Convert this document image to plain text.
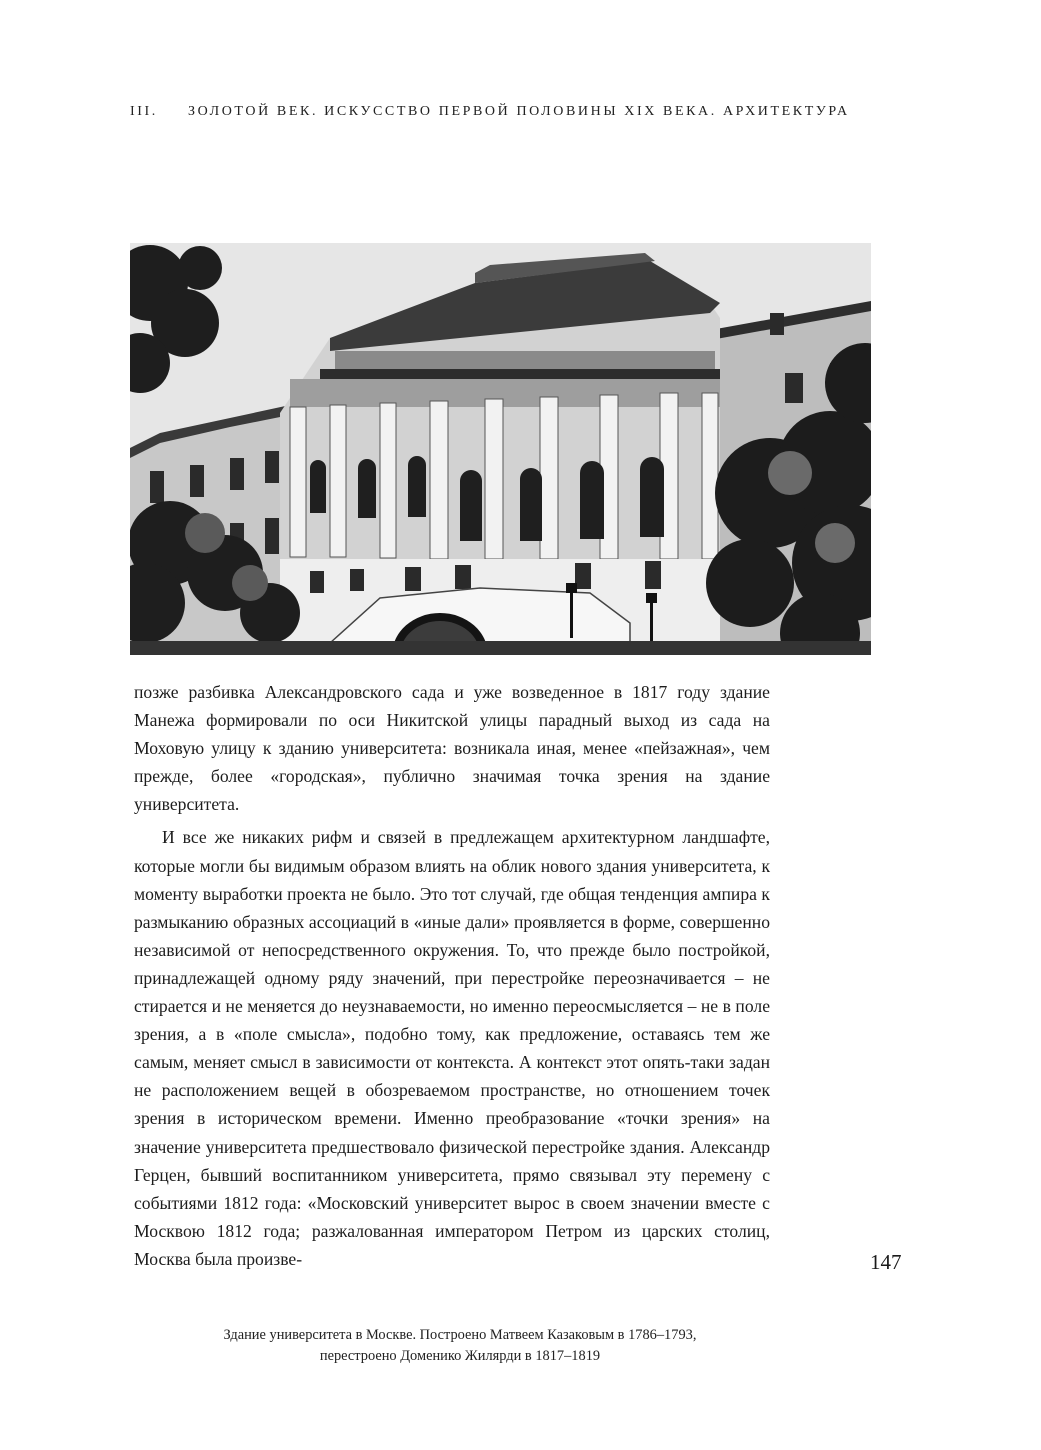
III. ЗОЛОТОЙ ВЕК. ИСКУССТВО ПЕРВОЙ ПОЛОВИНЫ XIX ВЕКА. АРХИТЕКТУРА

позже разбивка Александровского сада и уже возведенное в 1817 году здание Манежа формировали по оси Никитской улицы парадный выход из сада на Моховую улицу к зданию университета: возникала иная, менее «пейзажная», чем прежде, более «городская», публично значимая точка зрения на здание университета.

И все же никаких рифм и связей в предлежащем архитектурном ландшафте, которые могли бы видимым образом влиять на облик нового здания университета, к моменту выработки проекта не было. Это тот случай, где общая тенденция ампира к размыканию образных ассоциаций в «иные дали» проявляется в форме, совершенно независимой от непосредственного окружения. То, что прежде было постройкой, принадлежащей одному ряду значений, при перестройке переозначивается – не стирается и не меняется до неузнаваемости, но именно переосмысляется – не в поле зрения, а в «поле смысла», подобно тому, как предложение, оставаясь тем же самым, меняет смысл в зависимости от контекста. А контекст этот опять-таки задан не расположением вещей в обозреваемом пространстве, но отношением точек зрения в историческом времени. Именно преобразование «точки зрения» на значение университета предшествовало физической перестройке здания. Александр Герцен, бывший воспитанником университета, прямо связывал эту перемену с событиями 1812 года: «Московский университет вырос в своем значении вместе с Москвою 1812 года; разжалованная императором Петром из царских столиц, Москва была произве-	147
Здание университета в Москве. Построено Матвеем Казаковым в 1786–1793,
перестроено Доменико Жилярди в 1817–1819
